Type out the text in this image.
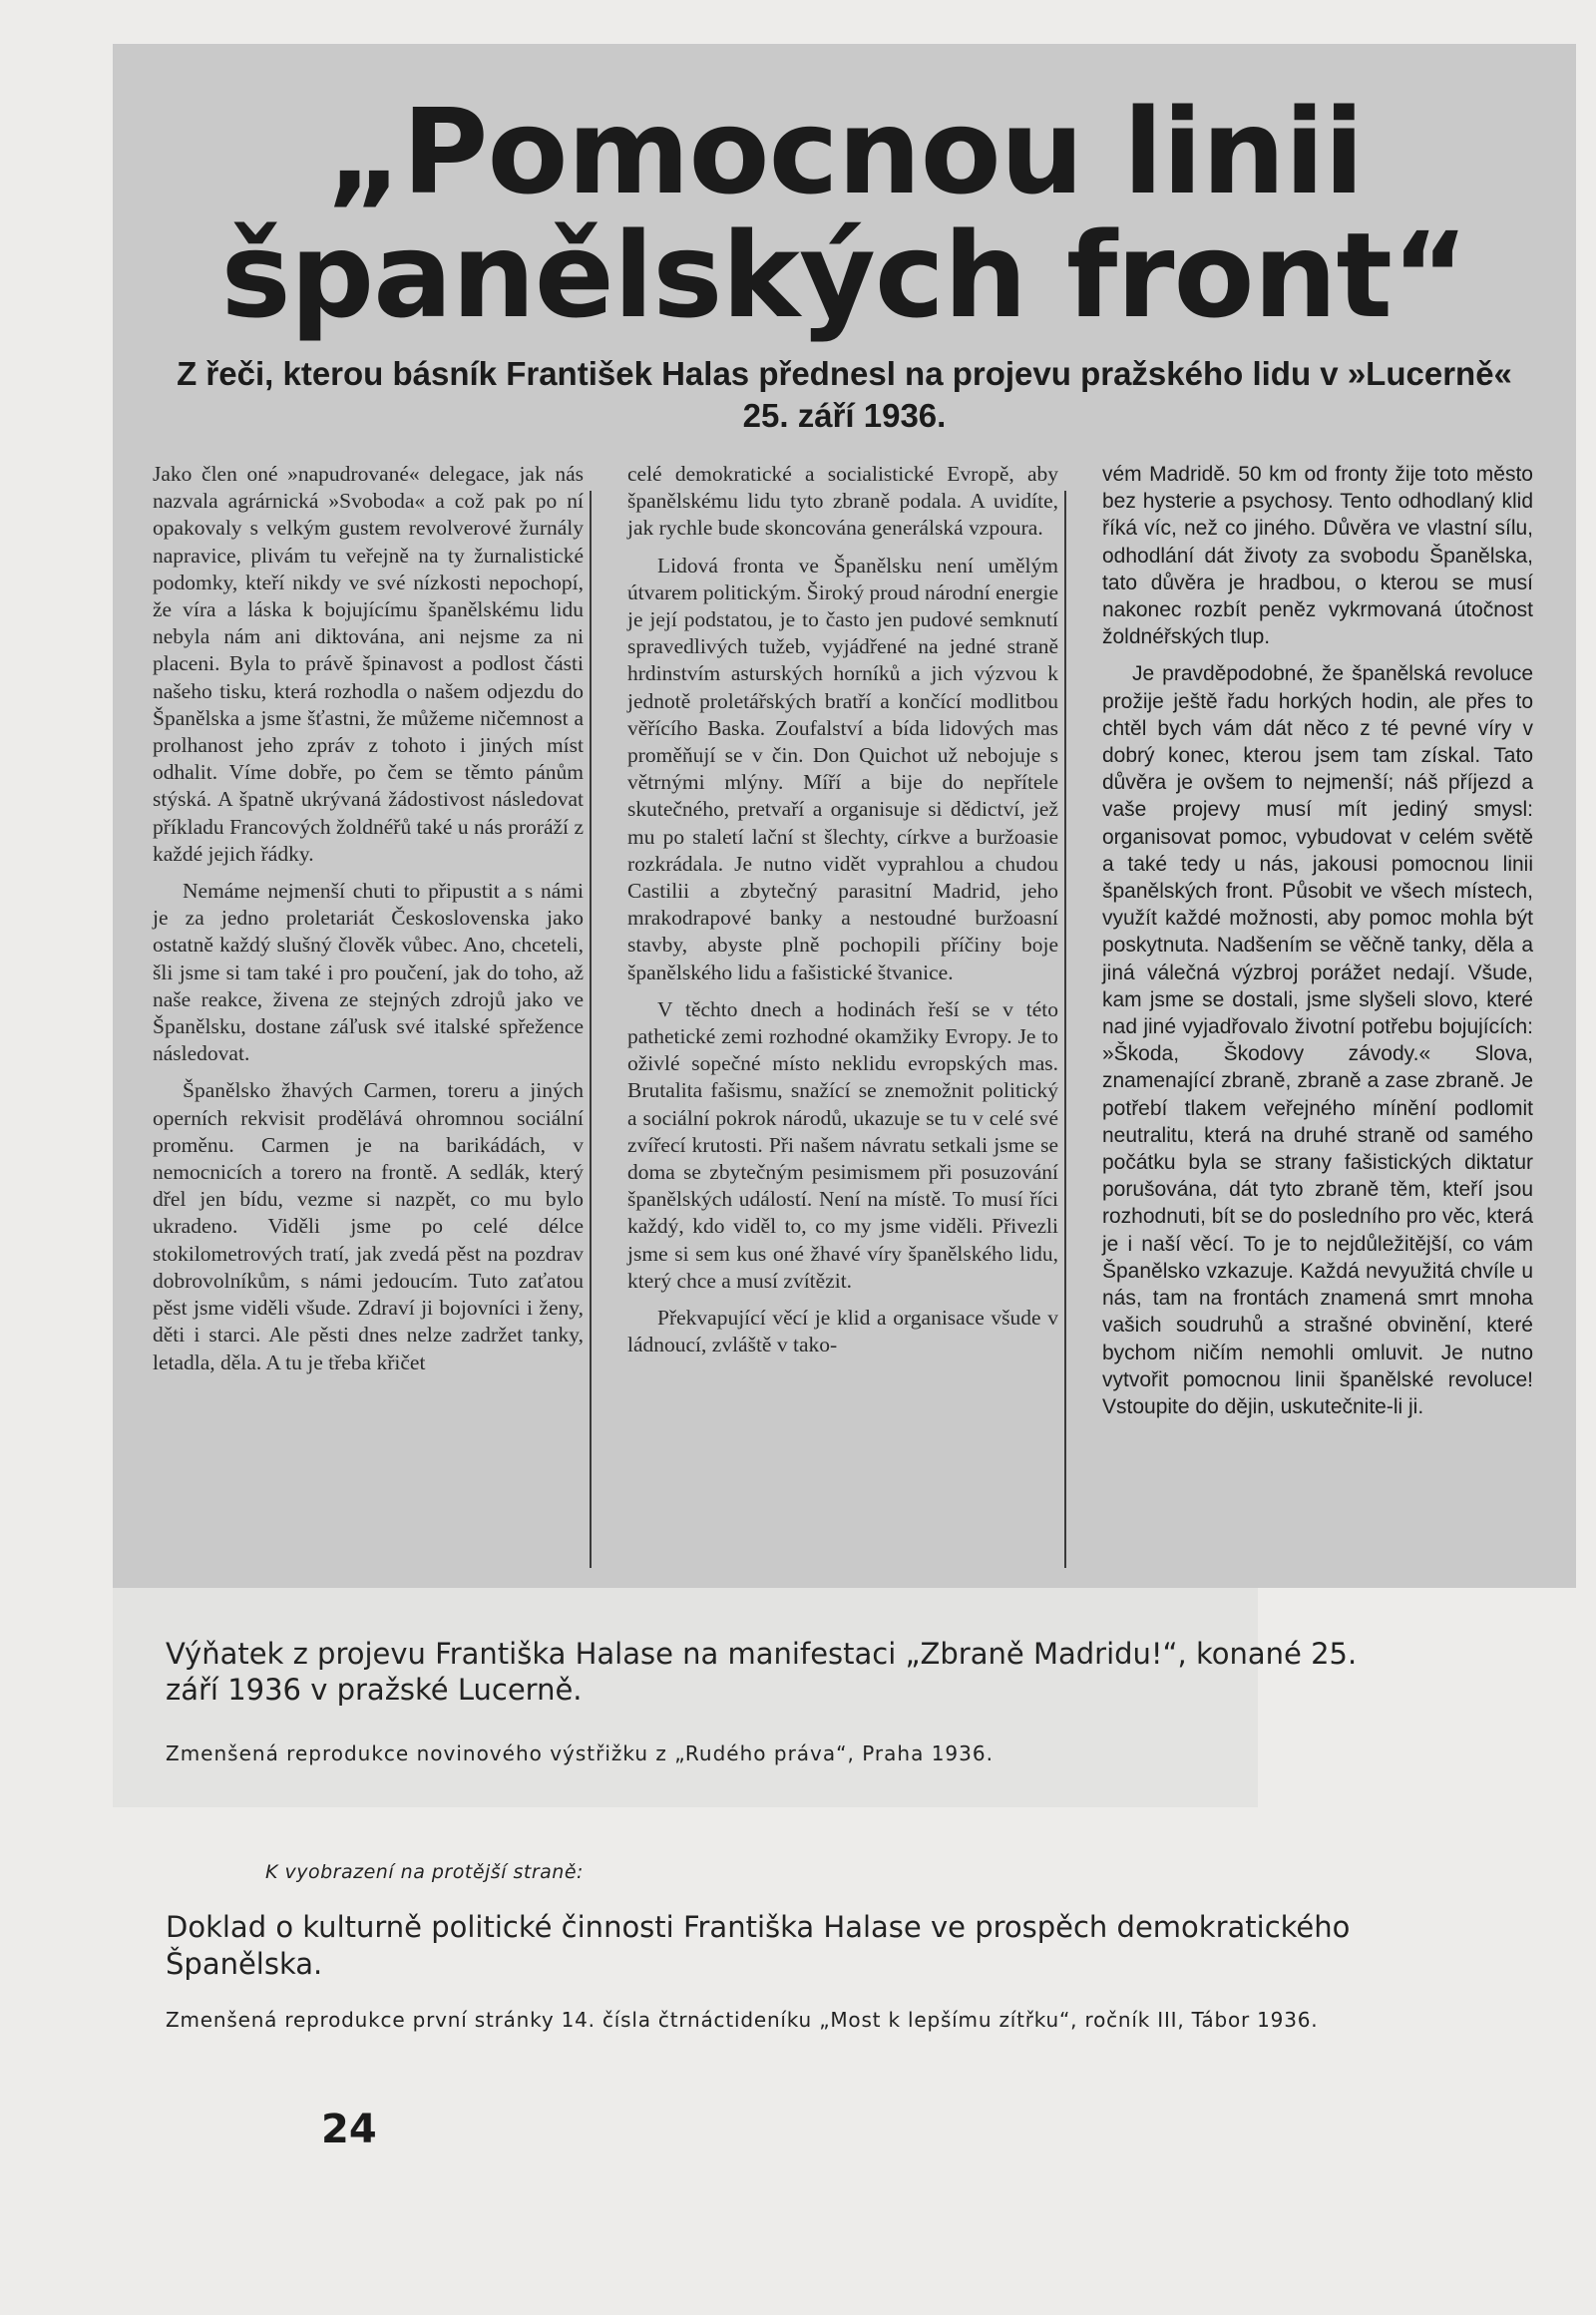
„Pomocnou linii
španělských front“
Z řeči, kterou básník František Halas přednesl na projevu pražského lidu v »Lucerně«
25. září 1936.

Jako člen oné »napudrované« delegace, jak nás nazvala agrárnická »Svoboda« a což pak po ní opakovaly s velkým gustem revolverové žurnály napravice, plivám tu veřejně na ty žurnalistické podomky, kteří nikdy ve své nízkosti nepochopí, že víra a láska k bojujícímu španělskému lidu nebyla nám ani diktována, ani nejsme za ni placeni. Byla to právě špinavost a podlost části našeho tisku, která rozhodla o našem odjezdu do Španělska a jsme šťastni, že můžeme ničemnost a prolhanost jeho zpráv z tohoto i jiných míst odhalit. Víme dobře, po čem se těmto pánům stýská. A špatně ukrývaná žádostivost následovat příkladu Francových žoldnéřů také u nás proráží z každé jejich řádky.

Nemáme nejmenší chuti to připustit a s námi je za jedno proletariát Československa jako ostatně každý slušný člověk vůbec. Ano, chceteli, šli jsme si tam také i pro poučení, jak do toho, až naše reakce, živena ze stejných zdrojů jako ve Španělsku, dostane záľusk své italské spřežence následovat.

Španělsko žhavých Carmen, toreru a jiných operních rekvisit prodělává ohromnou sociální proměnu. Carmen je na barikádách, v nemocnicích a torero na frontě. A sedlák, který dřel jen bídu, vezme si nazpět, co mu bylo ukradeno. Viděli jsme po celé délce stokilometrových tratí, jak zvedá pěst na pozdrav dobrovolníkům, s námi jedoucím. Tuto zaťatou pěst jsme viděli všude. Zdraví ji bojovníci i ženy, děti i starci. Ale pěsti dnes nelze zadržet tanky, letadla, děla. A tu je třeba křičet

celé demokratické a socialistické Evropě, aby španělskému lidu tyto zbraně podala. A uvidíte, jak rychle bude skoncována generálská vzpoura.

Lidová fronta ve Španělsku není umělým útvarem politickým. Široký proud národní energie je její podstatou, je to často jen pudové semknutí spravedlivých tužeb, vyjádřené na jedné straně hrdinstvím asturských horníků a jich výzvou k jednotě proletářských bratří a končící modlitbou věřícího Baska. Zoufalství a bída lidových mas proměňují se v čin. Don Quichot už nebojuje s větrnými mlýny. Míří a bije do nepřítele skutečného, pretvaří a organisuje si dědictví, jež mu po staletí lační st šlechty, církve a buržoasie rozkrádala. Je nutno vidět vyprahlou a chudou Castilii a zbytečný parasitní Madrid, jeho mrakodrapové banky a nestoudné buržoasní stavby, abyste plně pochopili příčiny boje španělského lidu a fašistické štvanice.

V těchto dnech a hodinách řeší se v této pathetické zemi rozhodné okamžiky Evropy. Je to oživlé sopečné místo neklidu evropských mas. Brutalita fašismu, snažící se znemožnit politický a sociální pokrok národů, ukazuje se tu v celé své zvířecí krutosti. Při našem návratu setkali jsme se doma se zbytečným pesimismem při posuzování španělských událostí. Není na místě. To musí říci každý, kdo viděl to, co my jsme viděli. Přivezli jsme si sem kus oné žhavé víry španělského lidu, který chce a musí zvítězit.

Překvapující věcí je klid a organisace všude v ládnoucí, zvláště v tako-

vém Madridě. 50 km od fronty žije toto město bez hysterie a psychosy. Tento odhodlaný klid říká víc, než co jiného. Důvěra ve vlastní sílu, odhodlání dát životy za svobodu Španělska, tato důvěra je hradbou, o kterou se musí nakonec rozbít peněz vykrmovaná útočnost žoldnéřských tlup.

Je pravděpodobné, že španělská revoluce prožije ještě řadu horkých hodin, ale přes to chtěl bych vám dát něco z té pevné víry v dobrý konec, kterou jsem tam získal. Tato důvěra je ovšem to nejmenší; náš příjezd a vaše projevy musí mít jediný smysl: organisovat pomoc, vybudovat v celém světě a také tedy u nás, jakousi pomocnou linii španělských front. Působit ve všech místech, využít každé možnosti, aby pomoc mohla být poskytnuta. Nadšením se věčně tanky, děla a jiná válečná výzbroj porážet nedají. Všude, kam jsme se dostali, jsme slyšeli slovo, které nad jiné vyjadřovalo životní potřebu bojujících: »Škoda, Škodovy závody.« Slova, znamenající zbraně, zbraně a zase zbraně. Je potřebí tlakem veřejného mínění podlomit neutralitu, která na druhé straně od samého počátku byla se strany fašistických diktatur porušována, dát tyto zbraně těm, kteří jsou rozhodnuti, bít se do posledního pro věc, která je i naší věcí. To je to nejdůležitější, co vám Španělsko vzkazuje. Každá nevyužitá chvíle u nás, tam na frontách znamená smrt mnoha vašich soudruhů a strašné obvinění, které bychom ničím nemohli omluvit. Je nutno vytvořit pomocnou linii španělské revoluce! Vstoupite do dějin, uskutečnite-li ji.

Výňatek z projevu Františka Halase na manifestaci „Zbraně Madridu!“, konané 25. září 1936 v pražské Lucerně.
Zmenšená reprodukce novinového výstřižku z „Rudého práva“, Praha 1936.
K vyobrazení na protější straně:
Doklad o kulturně politické činnosti Františka Halase ve prospěch demokratického Španělska.
Zmenšená reprodukce první stránky 14. čísla čtrnáctideníku „Most k lepšímu zítřku“, ročník III, Tábor 1936.
24
